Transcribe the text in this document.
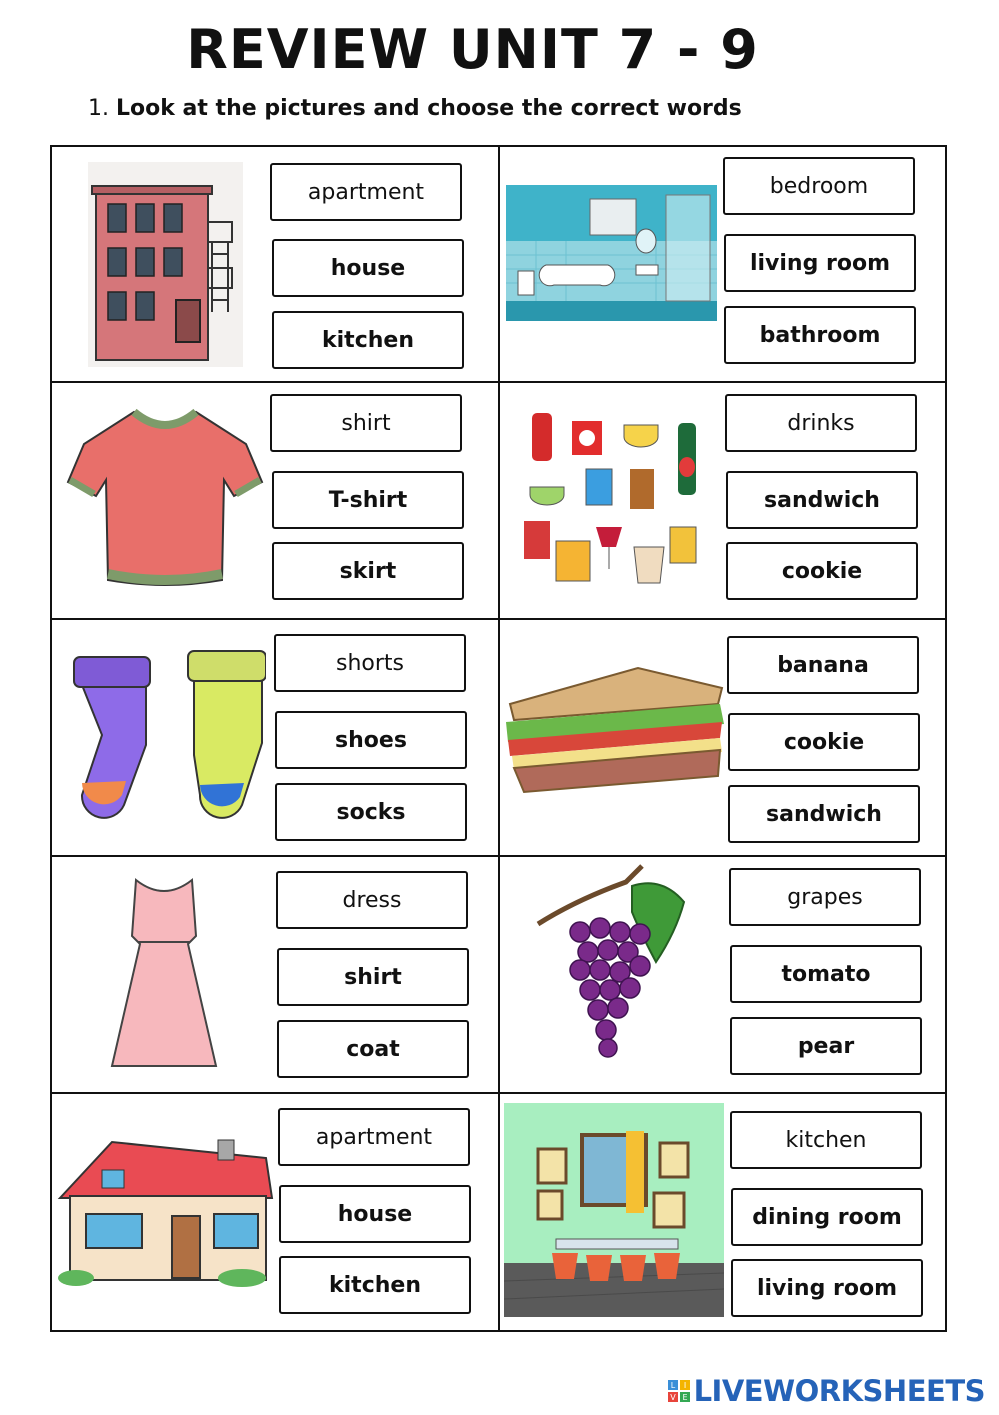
REVIEW UNIT 7 - 9
1. Look at the pictures and choose the correct words
apartment
house
kitchen
bedroom
living room
bathroom
shirt
T-shirt
skirt
drinks
sandwich
cookie
shorts
shoes
socks
banana
cookie
sandwich
dress
shirt
coat
grapes
tomato
pear
apartment
house
kitchen
kitchen
dining room
living room
L I
V E LIVEWORKSHEETS
